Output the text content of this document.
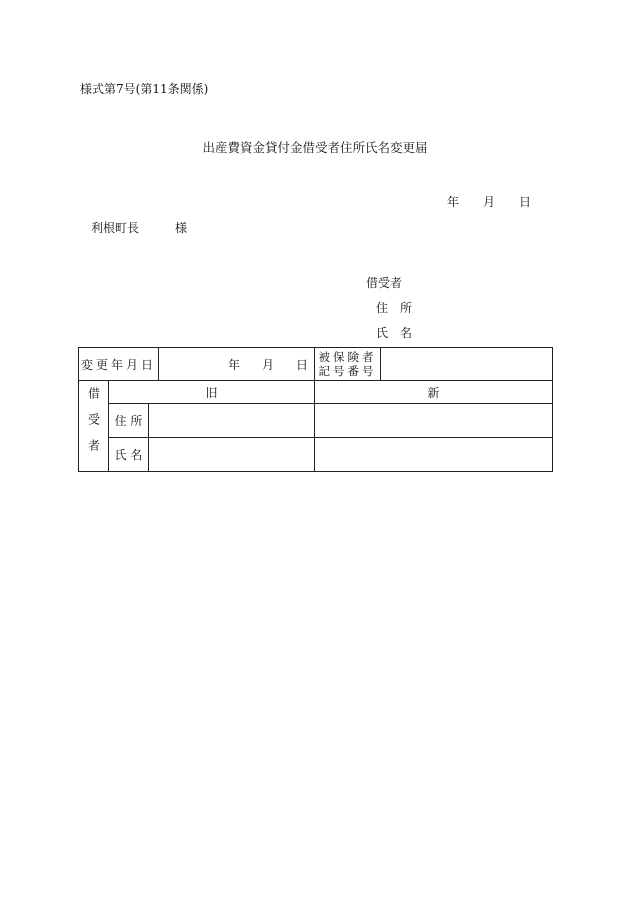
様式第7号(第11条関係)
出産費資金貸付金借受者住所氏名変更届
年 月 日
利根町長	様
借受者
住　所
氏　名
変更年月日			年 月 日	被保険者
記号番号	

借受者	旧			新	
	住 所				
	氏 名				
